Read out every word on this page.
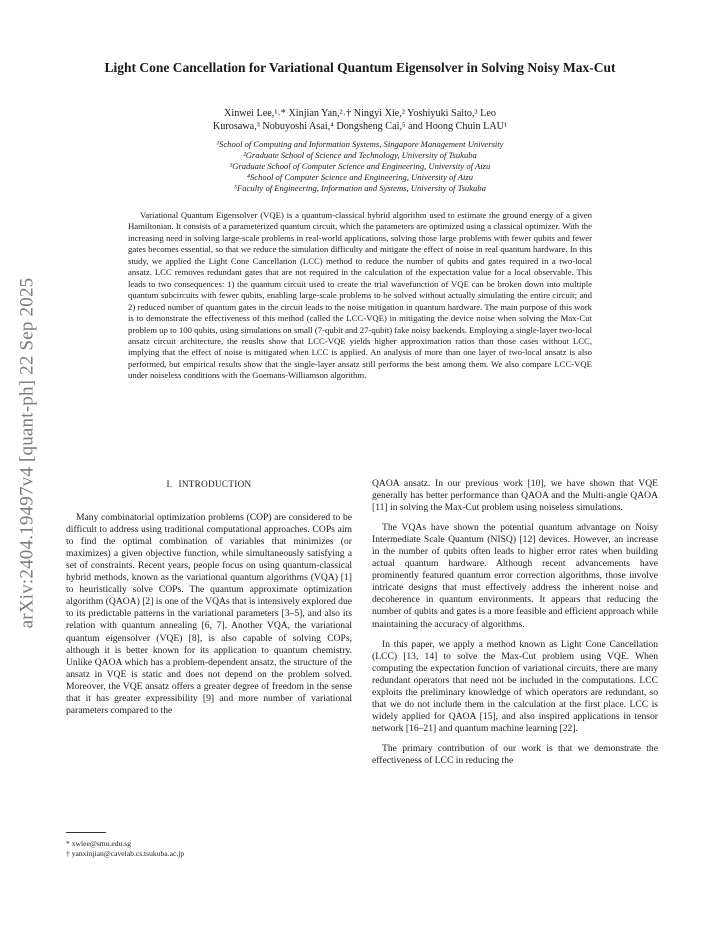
arXiv:2404.19497v4 [quant-ph] 22 Sep 2025
Light Cone Cancellation for Variational Quantum Eigensolver in Solving Noisy Max-Cut
Xinwei Lee,¹˒* Xinjian Yan,²˒† Ningyi Xie,² Yoshiyuki Saito,³ Leo
Kurosawa,³ Nobuyoshi Asai,⁴ Dongsheng Cai,⁵ and Hoong Chuin LAU¹
¹School of Computing and Information Systems, Singapore Management University
²Graduate School of Science and Technology, University of Tsukuba
³Graduate School of Computer Science and Engineering, University of Aizu
⁴School of Computer Science and Engineering, University of Aizu
⁵Faculty of Engineering, Information and Systems, University of Tsukuba

Variational Quantum Eigensolver (VQE) is a quantum-classical hybrid algorithm used to estimate the ground energy of a given Hamiltonian. It consists of a parameterized quantum circuit, which the parameters are optimized using a classical optimizer. With the increasing need in solving large-scale problems in real-world applications, solving those large problems with fewer qubits and fewer gates becomes essential, so that we reduce the simulation difficulty and mitigate the effect of noise in real quantum hardware. In this study, we applied the Light Cone Cancellation (LCC) method to reduce the number of qubits and gates required in a two-local ansatz. LCC removes redundant gates that are not required in the calculation of the expectation value for a local observable. This leads to two consequences: 1) the quantum circuit used to create the trial wavefunction of VQE can be broken down into multiple quantum subcircuits with fewer qubits, enabling large-scale problems to be solved without actually simulating the entire circuit; and 2) reduced number of quantum gates in the circuit leads to the noise mitigation in quantum hardware. The main purpose of this work is to demonstrate the effectiveness of this method (called the LCC-VQE) in mitigating the device noise when solving the Max-Cut problem up to 100 qubits, using simulations on small (7-qubit and 27-qubit) fake noisy backends. Employing a single-layer two-local ansatz circuit architecture, the reuslts show that LCC-VQE yields higher approximation ratios than those cases without LCC, implying that the effect of noise is mitigated when LCC is applied. An analysis of more than one layer of two-local ansatz is also performed, but empirical results show that the single-layer ansatz still performs the best among them. We also compare LCC-VQE under noiseless conditions with the Goemans-Williamson algorithm.

I. INTRODUCTION

Many combinatorial optimization problems (COP) are considered to be difficult to address using traditional computational approaches. COPs aim to find the optimal combination of variables that minimizes (or maximizes) a given objective function, while simultaneously satisfying a set of constraints. Recent years, people focus on using quantum-classical hybrid methods, known as the variational quantum algorithms (VQA) [1] to heuristically solve COPs. The quantum approximate optimization algorithm (QAOA) [2] is one of the VQAs that is intensively explored due to its predictable patterns in the variational parameters [3–5], and also its relation with quantum annealing [6, 7]. Another VQA, the variational quantum eigensolver (VQE) [8], is also capable of solving COPs, although it is better known for its application to quantum chemistry. Unlike QAOA which has a problem-dependent ansatz, the structure of the ansatz in VQE is static and does not depend on the problem solved. Moreover, the VQE ansatz offers a greater degree of freedom in the sense that it has greater expressibility [9] and more number of variational parameters compared to the

QAOA ansatz. In our previous work [10], we have shown that VQE generally has better performance than QAOA and the Multi-angle QAOA [11] in solving the Max-Cut problem using noiseless simulations.

The VQAs have shown the potential quantum advantage on Noisy Intermediate Scale Quantum (NISQ) [12] devices. However, an increase in the number of qubits often leads to higher error rates when building actual quantum hardware. Although recent advancements have prominently featured quantum error correction algorithms, those involve intricate designs that must effectively address the inherent noise and decoherence in quantum environments. It appears that reducing the number of qubits and gates is a more feasible and efficient approach while maintaining the accuracy of algorithms.

In this paper, we apply a method known as Light Cone Cancellation (LCC) [13, 14] to solve the Max-Cut problem using VQE. When computing the expectation function of variational circuits, there are many redundant operators that need not be included in the computations. LCC exploits the preliminary knowledge of which operators are redundant, so that we do not include them in the calculation at the first place. LCC is widely applied for QAOA [15], and also inspired applications in tensor network [16–21] and quantum machine learning [22].

The primary contribution of our work is that we demonstrate the effectiveness of LCC in reducing the

* xwlee@smu.edu.sg
† yanxinjian@cavelab.cs.tsukuba.ac.jp
